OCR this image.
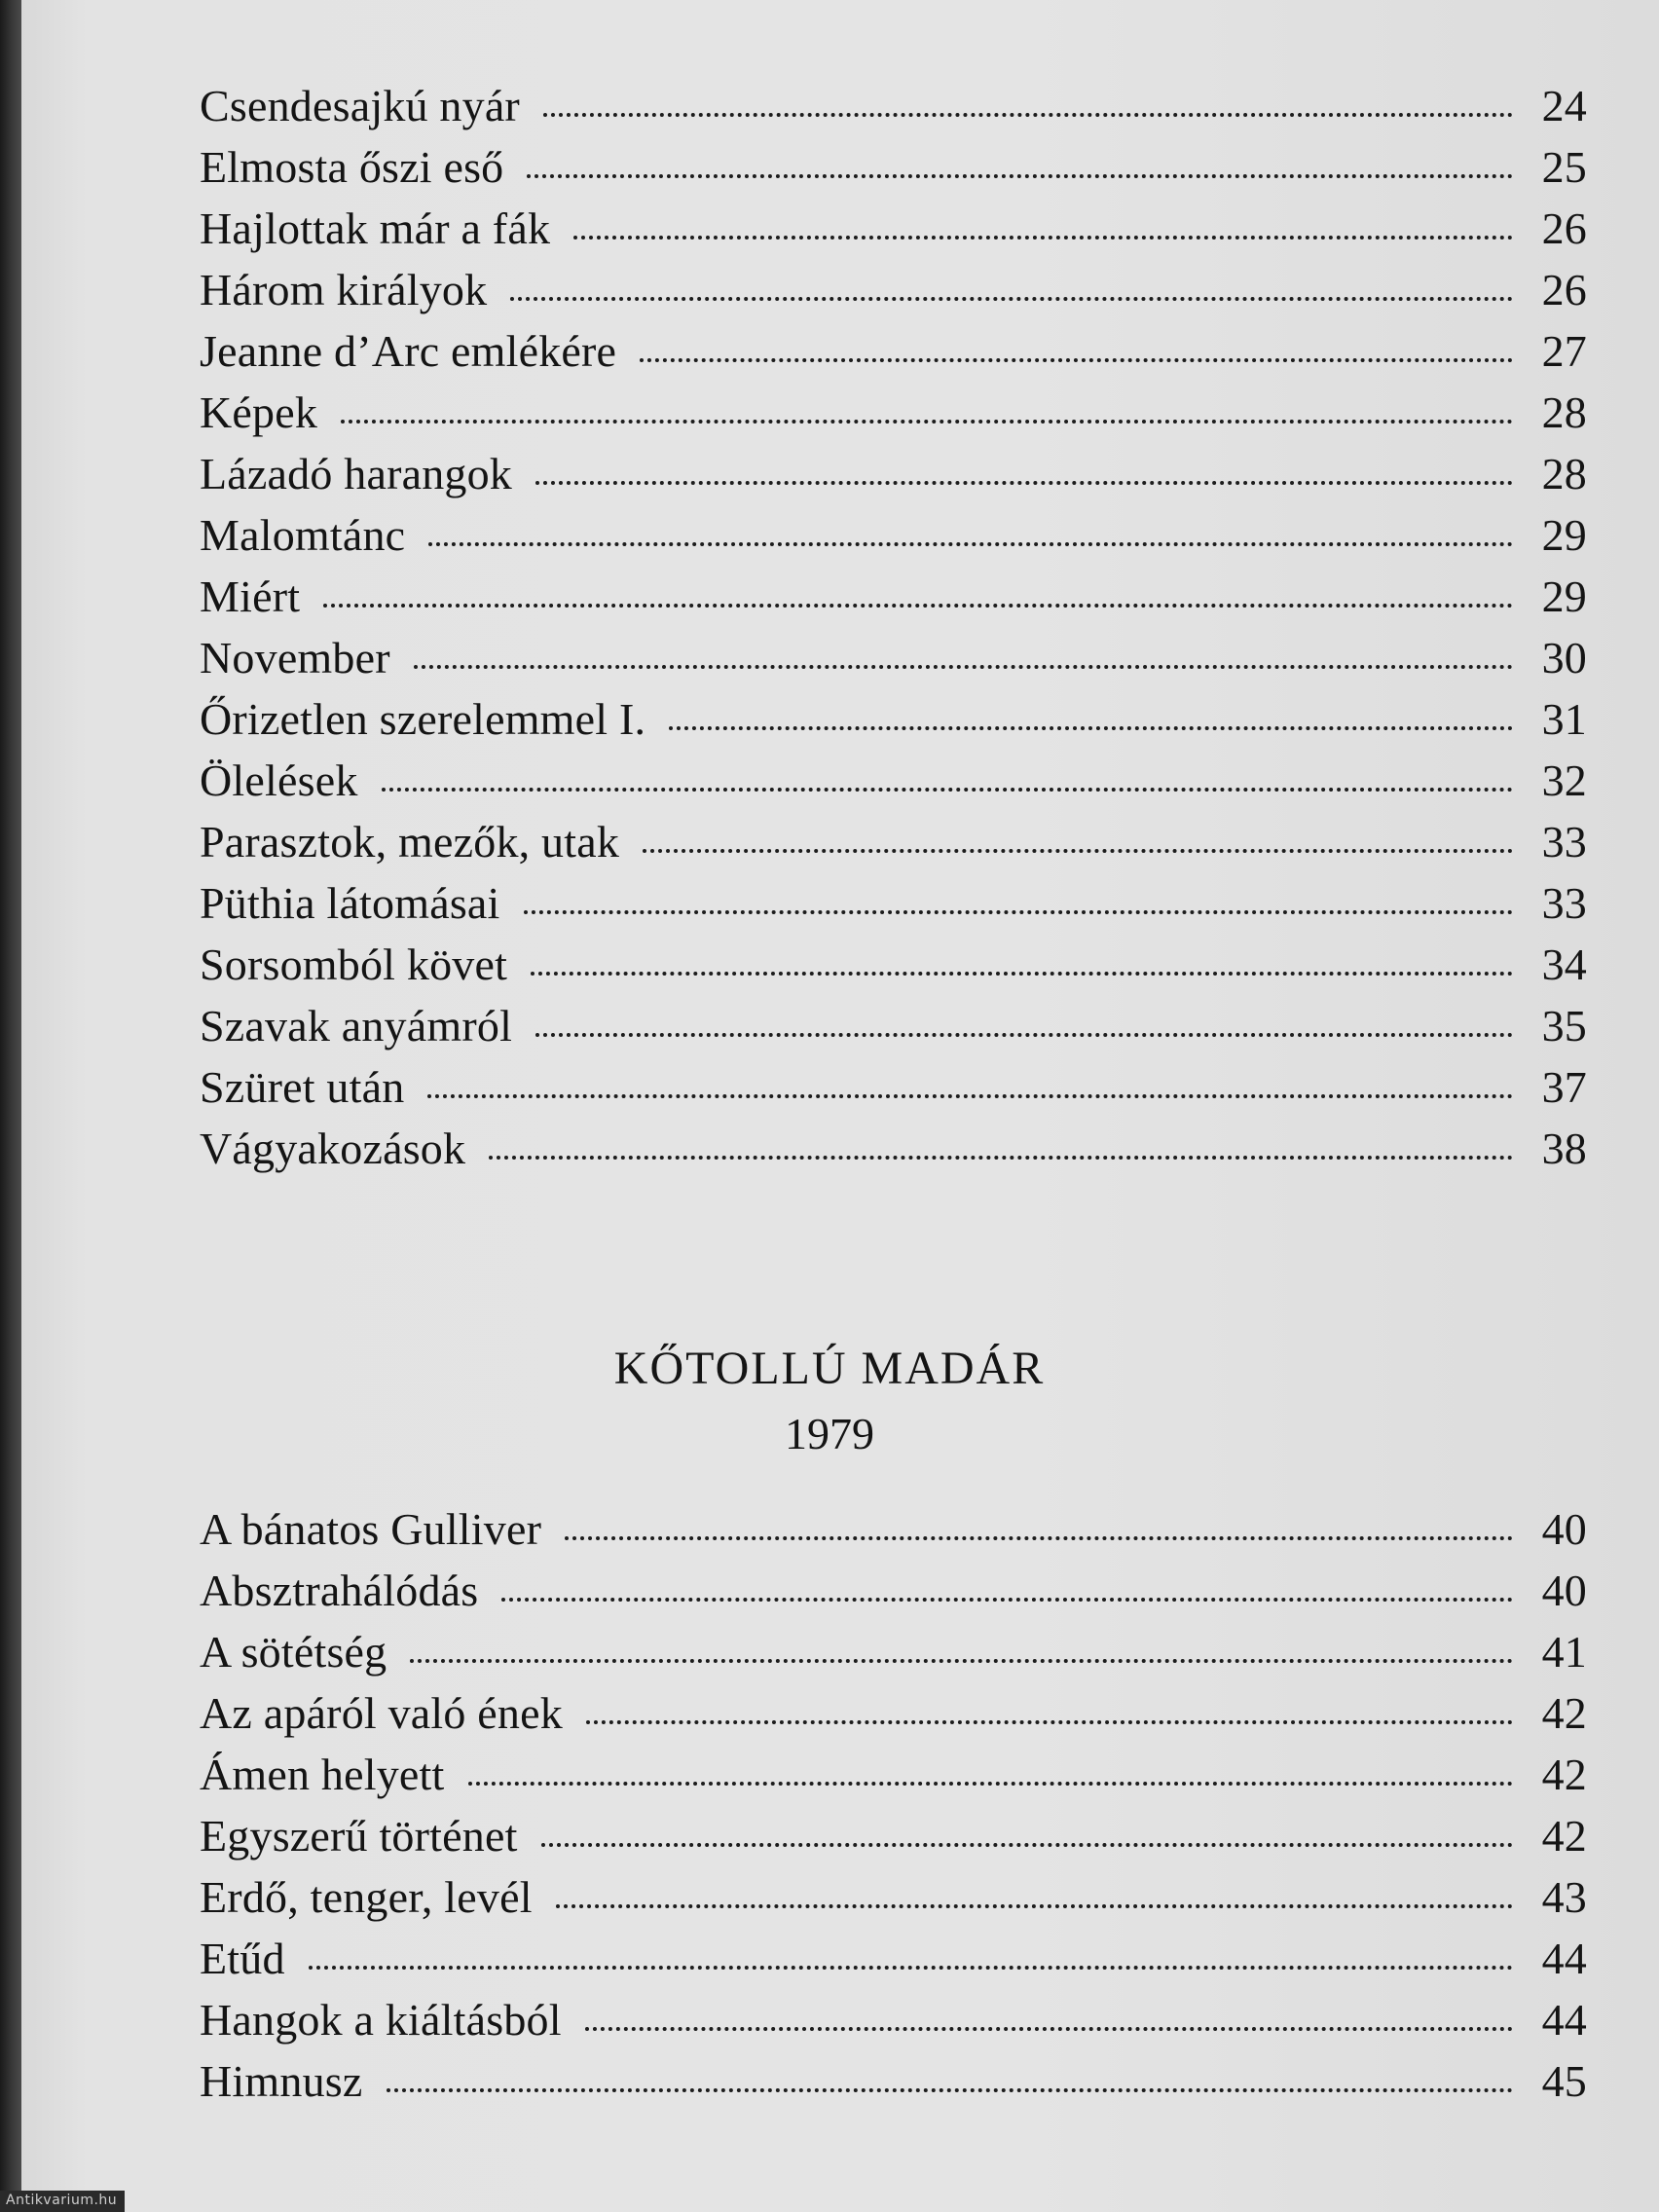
Csendesajkú nyár	24
Elmosta őszi eső	25
Hajlottak már a fák	26
Három királyok	26
Jeanne d’Arc emlékére	27
Képek	28
Lázadó harangok	28
Malomtánc	29
Miért	29
November	30
Őrizetlen szerelemmel I.	31
Ölelések	32
Parasztok, mezők, utak	33
Püthia látomásai	33
Sorsomból követ	34
Szavak anyámról	35
Szüret után	37
Vágyakozások	38
KŐTOLLÚ MADÁR
1979
A bánatos Gulliver	40
Absztrahálódás	40
A sötétség	41
Az apáról való ének	42
Ámen helyett	42
Egyszerű történet	42
Erdő, tenger, levél	43
Etűd	44
Hangok a kiáltásból	44
Himnusz	45
Antikvarium.hu
